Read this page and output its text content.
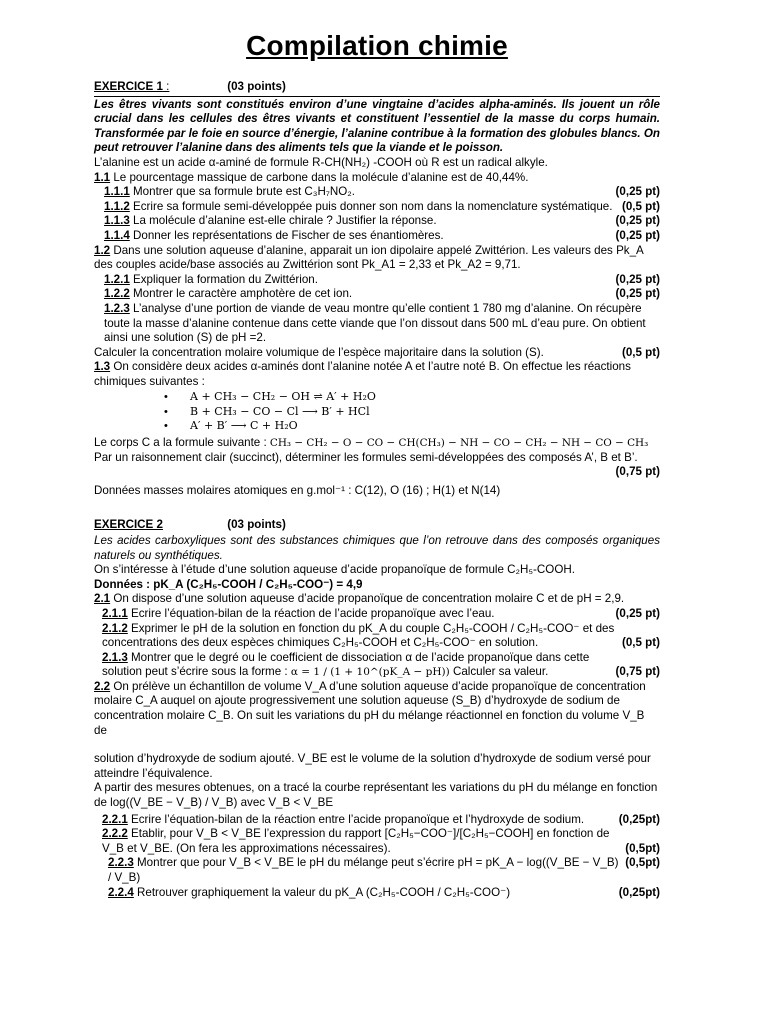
Compilation chimie
EXERCICE 1 :	(03 points)

Les êtres vivants sont constitués environ d’une vingtaine d’acides alpha-aminés. Ils jouent un rôle crucial dans les cellules des êtres vivants et constituent l’essentiel de la masse du corps humain. Transformée par le foie en source d’énergie, l’alanine contribue à la formation des globules blancs. On peut retrouver l’alanine dans des aliments tels que la viande et le poisson.

L’alanine est un acide α-aminé de formule R-CH(NH₂) -COOH où R est un radical alkyle.

1.1 Le pourcentage massique de carbone dans la molécule d’alanine est de 40,44%.

1.1.1 Montrer que sa formule brute est C₃H₇NO₂.	(0,25 pt)
1.1.2 Ecrire sa formule semi-développée puis donner son nom dans la nomenclature systématique. (0,5 pt)
1.1.3 La molécule d’alanine est-elle chirale ? Justifier la réponse.	(0,25 pt)
1.1.4 Donner les représentations de Fischer de ses énantiomères.	(0,25 pt)

1.2 Dans une solution aqueuse d’alanine, apparait un ion dipolaire appelé Zwittérion. Les valeurs des Pk_A des couples acide/base associés au Zwittérion sont Pk_A1 = 2,33 et Pk_A2 = 9,71.

1.2.1 Expliquer la formation du Zwittérion.	(0,25 pt)
1.2.2 Montrer le caractère amphotère de cet ion.	(0,25 pt)

1.2.3 L’analyse d’une portion de viande de veau montre qu’elle contient 1 780 mg d’alanine. On récupère toute la masse d’alanine contenue dans cette viande que l’on dissout dans 500 mL d’eau pure. On obtient ainsi une solution (S) de pH =2.

Calculer la concentration molaire volumique de l’espèce majoritaire dans la solution (S).	(0,5 pt)

1.3 On considère deux acides α-aminés dont l’alanine notée A et l’autre noté B. On effectue les réactions chimiques suivantes :

• A + CH₃ − CH₂ − OH ⇌ A′ + H₂O
• B + CH₃ − CO − Cl ⟶ B′ + HCl
• A′ + B′ ⟶ C + H₂O

Le corps C a la formule suivante : CH₃ − CH₂ − O − CO − CH(CH₃) − NH − CO − CH₂ − NH − CO − CH₃

Par un raisonnement clair (succinct), déterminer les formules semi-développées des composés A’, B et B’.

(0,75 pt)

Données masses molaires atomiques en g.mol⁻¹ : C(12), O (16) ; H(1) et N(14)

EXERCICE 2	(03 points)

Les acides carboxyliques sont des substances chimiques que l’on retrouve dans des composés organiques naturels ou synthétiques.

On s’intéresse à l’étude d’une solution aqueuse d’acide propanoïque de formule C₂H₅-COOH.

Données : pK_A (C₂H₅-COOH / C₂H₅-COO⁻) = 4,9

2.1 On dispose d’une solution aqueuse d’acide propanoïque de concentration molaire C et de pH = 2,9.

2.1.1 Ecrire l’équation-bilan de la réaction de l’acide propanoïque avec l’eau.	(0,25 pt)
2.1.2 Exprimer le pH de la solution en fonction du pK_A du couple C₂H₅-COOH / C₂H₅-COO⁻ et des concentrations des deux espèces chimiques C₂H₅-COOH et C₂H₅-COO⁻ en solution.	(0,5 pt)
2.1.3 Montrer que le degré ou le coefficient de dissociation α de l’acide propanoïque dans cette solution peut s’écrire sous la forme : α = 1 / (1 + 10^(pK_A − pH)) Calculer sa valeur.	(0,75 pt)

2.2 On prélève un échantillon de volume V_A d’une solution aqueuse d’acide propanoïque de concentration molaire C_A auquel on ajoute progressivement une solution aqueuse (S_B) d’hydroxyde de sodium de concentration molaire C_B. On suit les variations du pH du mélange réactionnel en fonction du volume V_B de

solution d’hydroxyde de sodium ajouté. V_BE est le volume de la solution d’hydroxyde de sodium versé pour atteindre l’équivalence.

A partir des mesures obtenues, on a tracé la courbe représentant les variations du pH du mélange en fonction de log((V_BE − V_B) / V_B) avec V_B < V_BE

2.2.1 Ecrire l’équation-bilan de la réaction entre l’acide propanoïque et l’hydroxyde de sodium.	(0,25pt)
2.2.2 Etablir, pour V_B < V_BE l’expression du rapport [C₂H₅−COO⁻]/[C₂H₅−COOH] en fonction de V_B et V_BE. (On fera les approximations nécessaires).	(0,5pt)
2.2.3 Montrer que pour V_B < V_BE le pH du mélange peut s’écrire pH = pK_A − log((V_BE − V_B) / V_B)
(0,5pt)
2.2.4 Retrouver graphiquement la valeur du pK_A (C₂H₅-COOH / C₂H₅-COO⁻)	(0,25pt)
